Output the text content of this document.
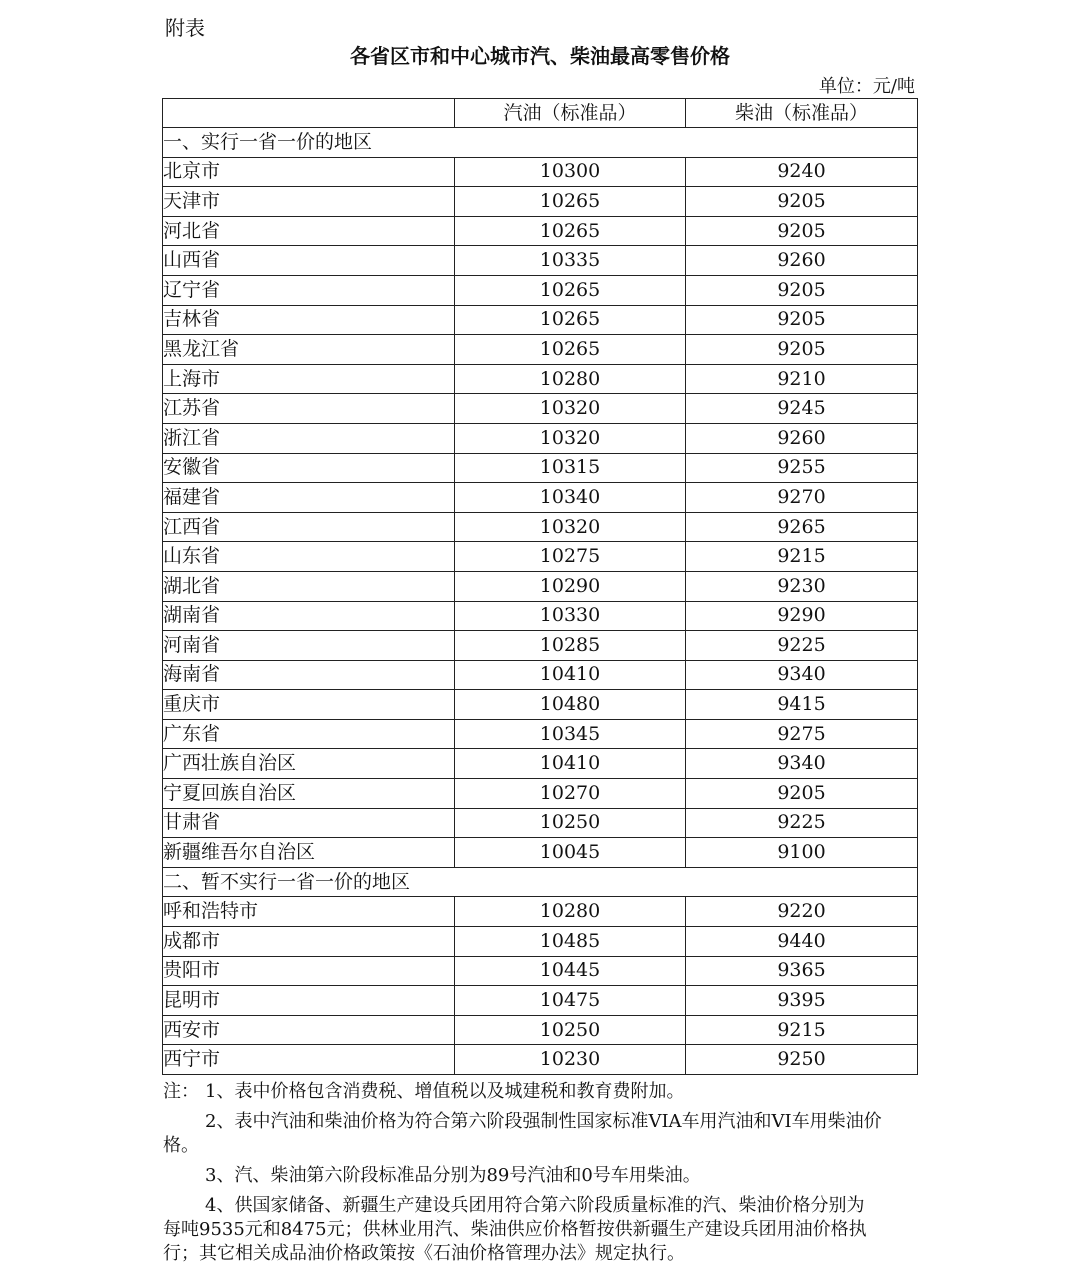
附表
各省区市和中心城市汽、柴油最高零售价格
单位：元/吨
	汽油（标准品）	柴油（标准品）
一、实行一省一价的地区		
北京市	10300	9240
天津市	10265	9205
河北省	10265	9205
山西省	10335	9260
辽宁省	10265	9205
吉林省	10265	9205
黑龙江省	10265	9205
上海市	10280	9210
江苏省	10320	9245
浙江省	10320	9260
安徽省	10315	9255
福建省	10340	9270
江西省	10320	9265
山东省	10275	9215
湖北省	10290	9230
湖南省	10330	9290
河南省	10285	9225
海南省	10410	9340
重庆市	10480	9415
广东省	10345	9275
广西壮族自治区	10410	9340
宁夏回族自治区	10270	9205
甘肃省	10250	9225
新疆维吾尔自治区	10045	9100
二、暂不实行一省一价的地区		
呼和浩特市	10280	9220
成都市	10485	9440
贵阳市	10445	9365
昆明市	10475	9395
西安市	10250	9215
西宁市	10230	9250
注： 1、表中价格包含消费税、增值税以及城建税和教育费附加。
2、表中汽油和柴油价格为符合第六阶段强制性国家标准VIA车用汽油和VI车用柴油价
格。
3、汽、柴油第六阶段标准品分别为89号汽油和0号车用柴油。
4、供国家储备、新疆生产建设兵团用符合第六阶段质量标准的汽、柴油价格分别为
每吨9535元和8475元；供林业用汽、柴油供应价格暂按供新疆生产建设兵团用油价格执
行；其它相关成品油价格政策按《石油价格管理办法》规定执行。
